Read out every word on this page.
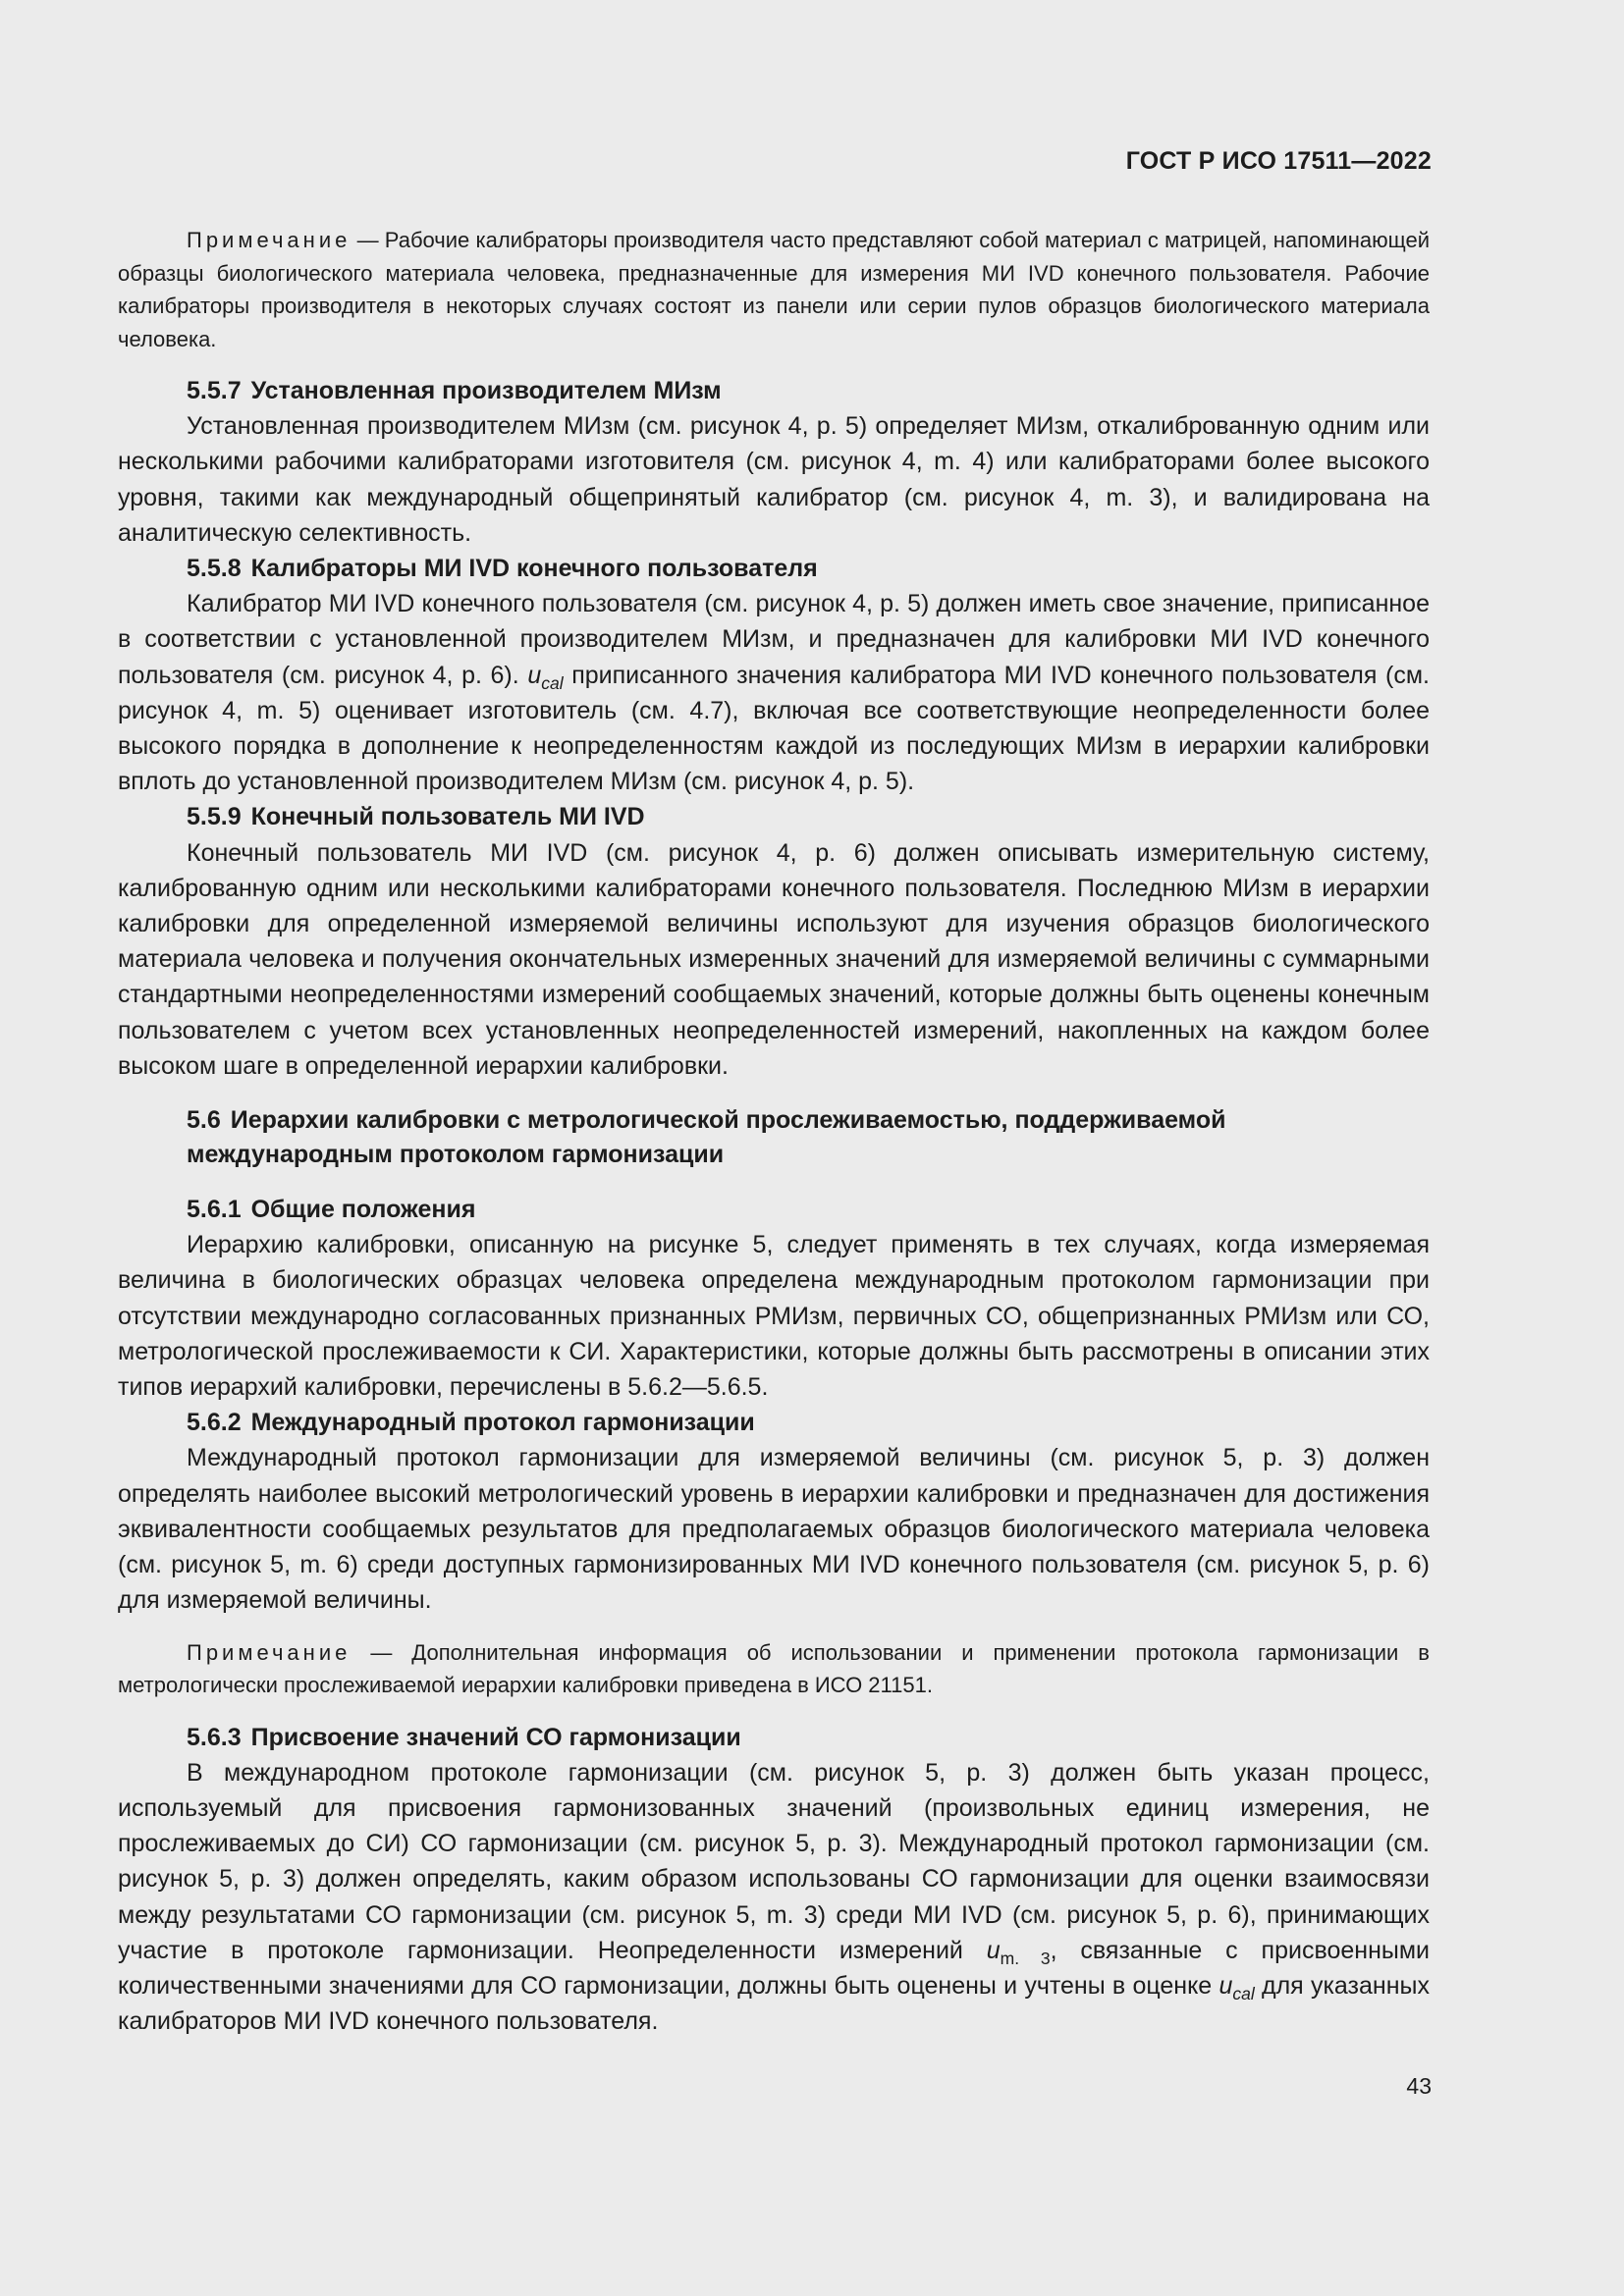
ГОСТ Р ИСО 17511—2022

Примечание — Рабочие калибраторы производителя часто представляют собой материал с матрицей, напоминающей образцы биологического материала человека, предназначенные для измерения МИ IVD конечного пользователя. Рабочие калибраторы производителя в некоторых случаях состоят из панели или серии пулов образцов биологического материала человека.

5.5.7 Установленная производителем МИзм

Установленная производителем МИзм (см. рисунок 4, р. 5) определяет МИзм, откалиброванную одним или несколькими рабочими калибраторами изготовителя (см. рисунок 4, m. 4) или калибраторами более высокого уровня, такими как международный общепринятый калибратор (см. рисунок 4, m. 3), и валидирована на аналитическую селективность.

5.5.8 Калибраторы МИ IVD конечного пользователя

Калибратор МИ IVD конечного пользователя (см. рисунок 4, р. 5) должен иметь свое значение, приписанное в соответствии с установленной производителем МИзм, и предназначен для калибровки МИ IVD конечного пользователя (см. рисунок 4, р. 6). $u_{cal}$ приписанного значения калибратора МИ IVD конечного пользователя (см. рисунок 4, m. 5) оценивает изготовитель (см. 4.7), включая все соответствующие неопределенности более высокого порядка в дополнение к неопределенностям каждой из последующих МИзм в иерархии калибровки вплоть до установленной производителем МИзм (см. рисунок 4, р. 5).

5.5.9 Конечный пользователь МИ IVD

Конечный пользователь МИ IVD (см. рисунок 4, р. 6) должен описывать измерительную систему, калиброванную одним или несколькими калибраторами конечного пользователя. Последнюю МИзм в иерархии калибровки для определенной измеряемой величины используют для изучения образцов биологического материала человека и получения окончательных измеренных значений для измеряемой величины с суммарными стандартными неопределенностями измерений сообщаемых значений, которые должны быть оценены конечным пользователем с учетом всех установленных неопределенностей измерений, накопленных на каждом более высоком шаге в определенной иерархии калибровки.

5.6 Иерархии калибровки с метрологической прослеживаемостью, поддерживаемой
международным протоколом гармонизации

5.6.1 Общие положения

Иерархию калибровки, описанную на рисунке 5, следует применять в тех случаях, когда измеряемая величина в биологических образцах человека определена международным протоколом гармонизации при отсутствии международно согласованных признанных РМИзм, первичных СО, общепризнанных РМИзм или СО, метрологической прослеживаемости к СИ. Характеристики, которые должны быть рассмотрены в описании этих типов иерархий калибровки, перечислены в 5.6.2—5.6.5.

5.6.2 Международный протокол гармонизации

Международный протокол гармонизации для измеряемой величины (см. рисунок 5, р. 3) должен определять наиболее высокий метрологический уровень в иерархии калибровки и предназначен для достижения эквивалентности сообщаемых результатов для предполагаемых образцов биологического материала человека (см. рисунок 5, m. 6) среди доступных гармонизированных МИ IVD конечного пользователя (см. рисунок 5, р. 6) для измеряемой величины.

Примечание — Дополнительная информация об использовании и применении протокола гармонизации в метрологически прослеживаемой иерархии калибровки приведена в ИСО 21151.

5.6.3 Присвоение значений СО гармонизации

В международном протоколе гармонизации (см. рисунок 5, р. 3) должен быть указан процесс, используемый для присвоения гармонизованных значений (произвольных единиц измерения, не прослеживаемых до СИ) СО гармонизации (см. рисунок 5, р. 3). Международный протокол гармонизации (см. рисунок 5, р. 3) должен определять, каким образом использованы СО гармонизации для оценки взаимосвязи между результатами СО гармонизации (см. рисунок 5, m. 3) среди МИ IVD (см. рисунок 5, р. 6), принимающих участие в протоколе гармонизации. Неопределенности измерений $u_{m. 3}$, связанные с присвоенными количественными значениями для СО гармонизации, должны быть оценены и учтены в оценке $u_{cal}$ для указанных калибраторов МИ IVD конечного пользователя.

43
